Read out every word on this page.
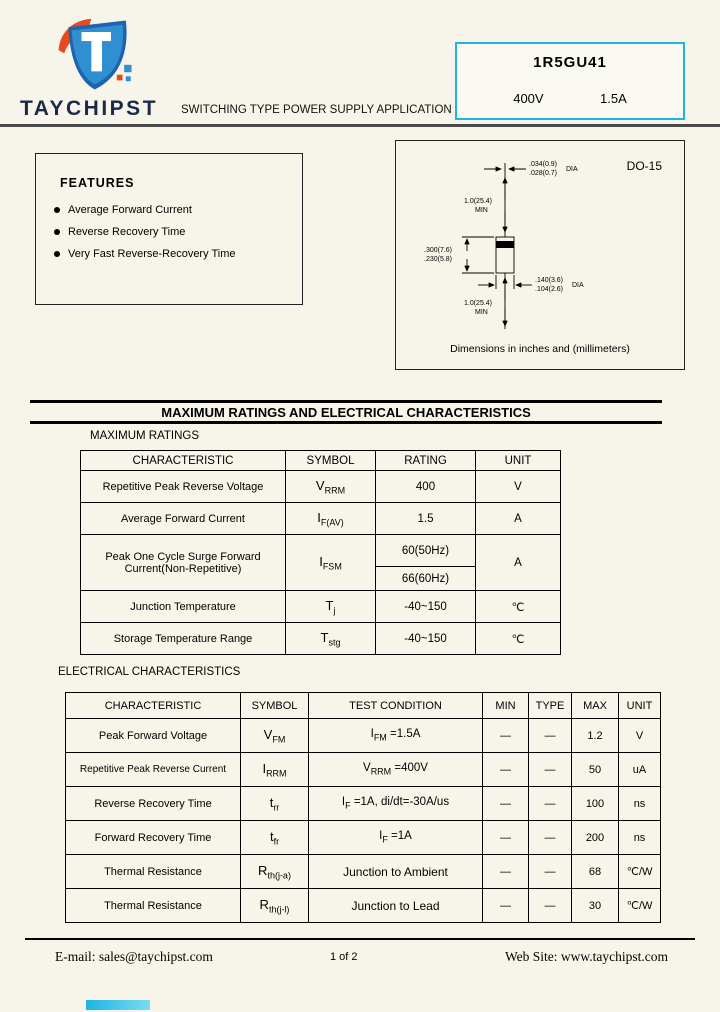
TAYCHIPST SWITCHING TYPE POWER SUPPLY APPLICATION
1R5GU41
400V	1.5A
FEATURES
Average Forward Current
Reverse Recovery Time
Very Fast Reverse-Recovery Time
DO-15
.034(0.9)
.028(0.7)
DIA
1.0(25.4)
MIN
.300(7.6)
.230(5.8)
.140(3.6)
.104(2.6)
DIA
1.0(25.4)
MIN
Dimensions in inches and (millimeters)
MAXIMUM RATINGS AND ELECTRICAL CHARACTERISTICS
MAXIMUM RATINGS
CHARACTERISTIC	SYMBOL	RATING	UNIT
Repetitive Peak Reverse Voltage	$V_{RRM}$	400	V
Average Forward Current	$I_{F(AV)}$	1.5	A

Peak One Cycle Surge Forward
Current(Non-Repetitive)	$I_{FSM}$	60(50Hz)	A
		66(60Hz)	
Junction Temperature	$T_j$	-40~150	℃
Storage Temperature Range	$T_{stg}$	-40~150	℃
ELECTRICAL CHARACTERISTICS
CHARACTERISTIC	SYMBOL	TEST CONDITION	MIN	TYPE	MAX	UNIT
Peak Forward Voltage	$V_{FM}$	$I_{FM} =1.5A$	—	—	1.2	V
Repetitive Peak Reverse Current	$I_{RRM}$	$V_{RRM} =400V$	—	—	50	uA
Reverse Recovery Time	$t_{rr}$	$I_F =1A$, di/dt=-30A/us	—	—	100	ns
Forward Recovery Time	$t_{fr}$	$I_F =1A$	—	—	200	ns
Thermal Resistance	$R_{th(j-a)}$	Junction to Ambient	—	—	68	℃/W
Thermal Resistance	$R_{th(j-l)}$	Junction to Lead	—	—	30	℃/W
E-mail: sales@taychipst.com	1 of 2	Web Site: www.taychipst.com
